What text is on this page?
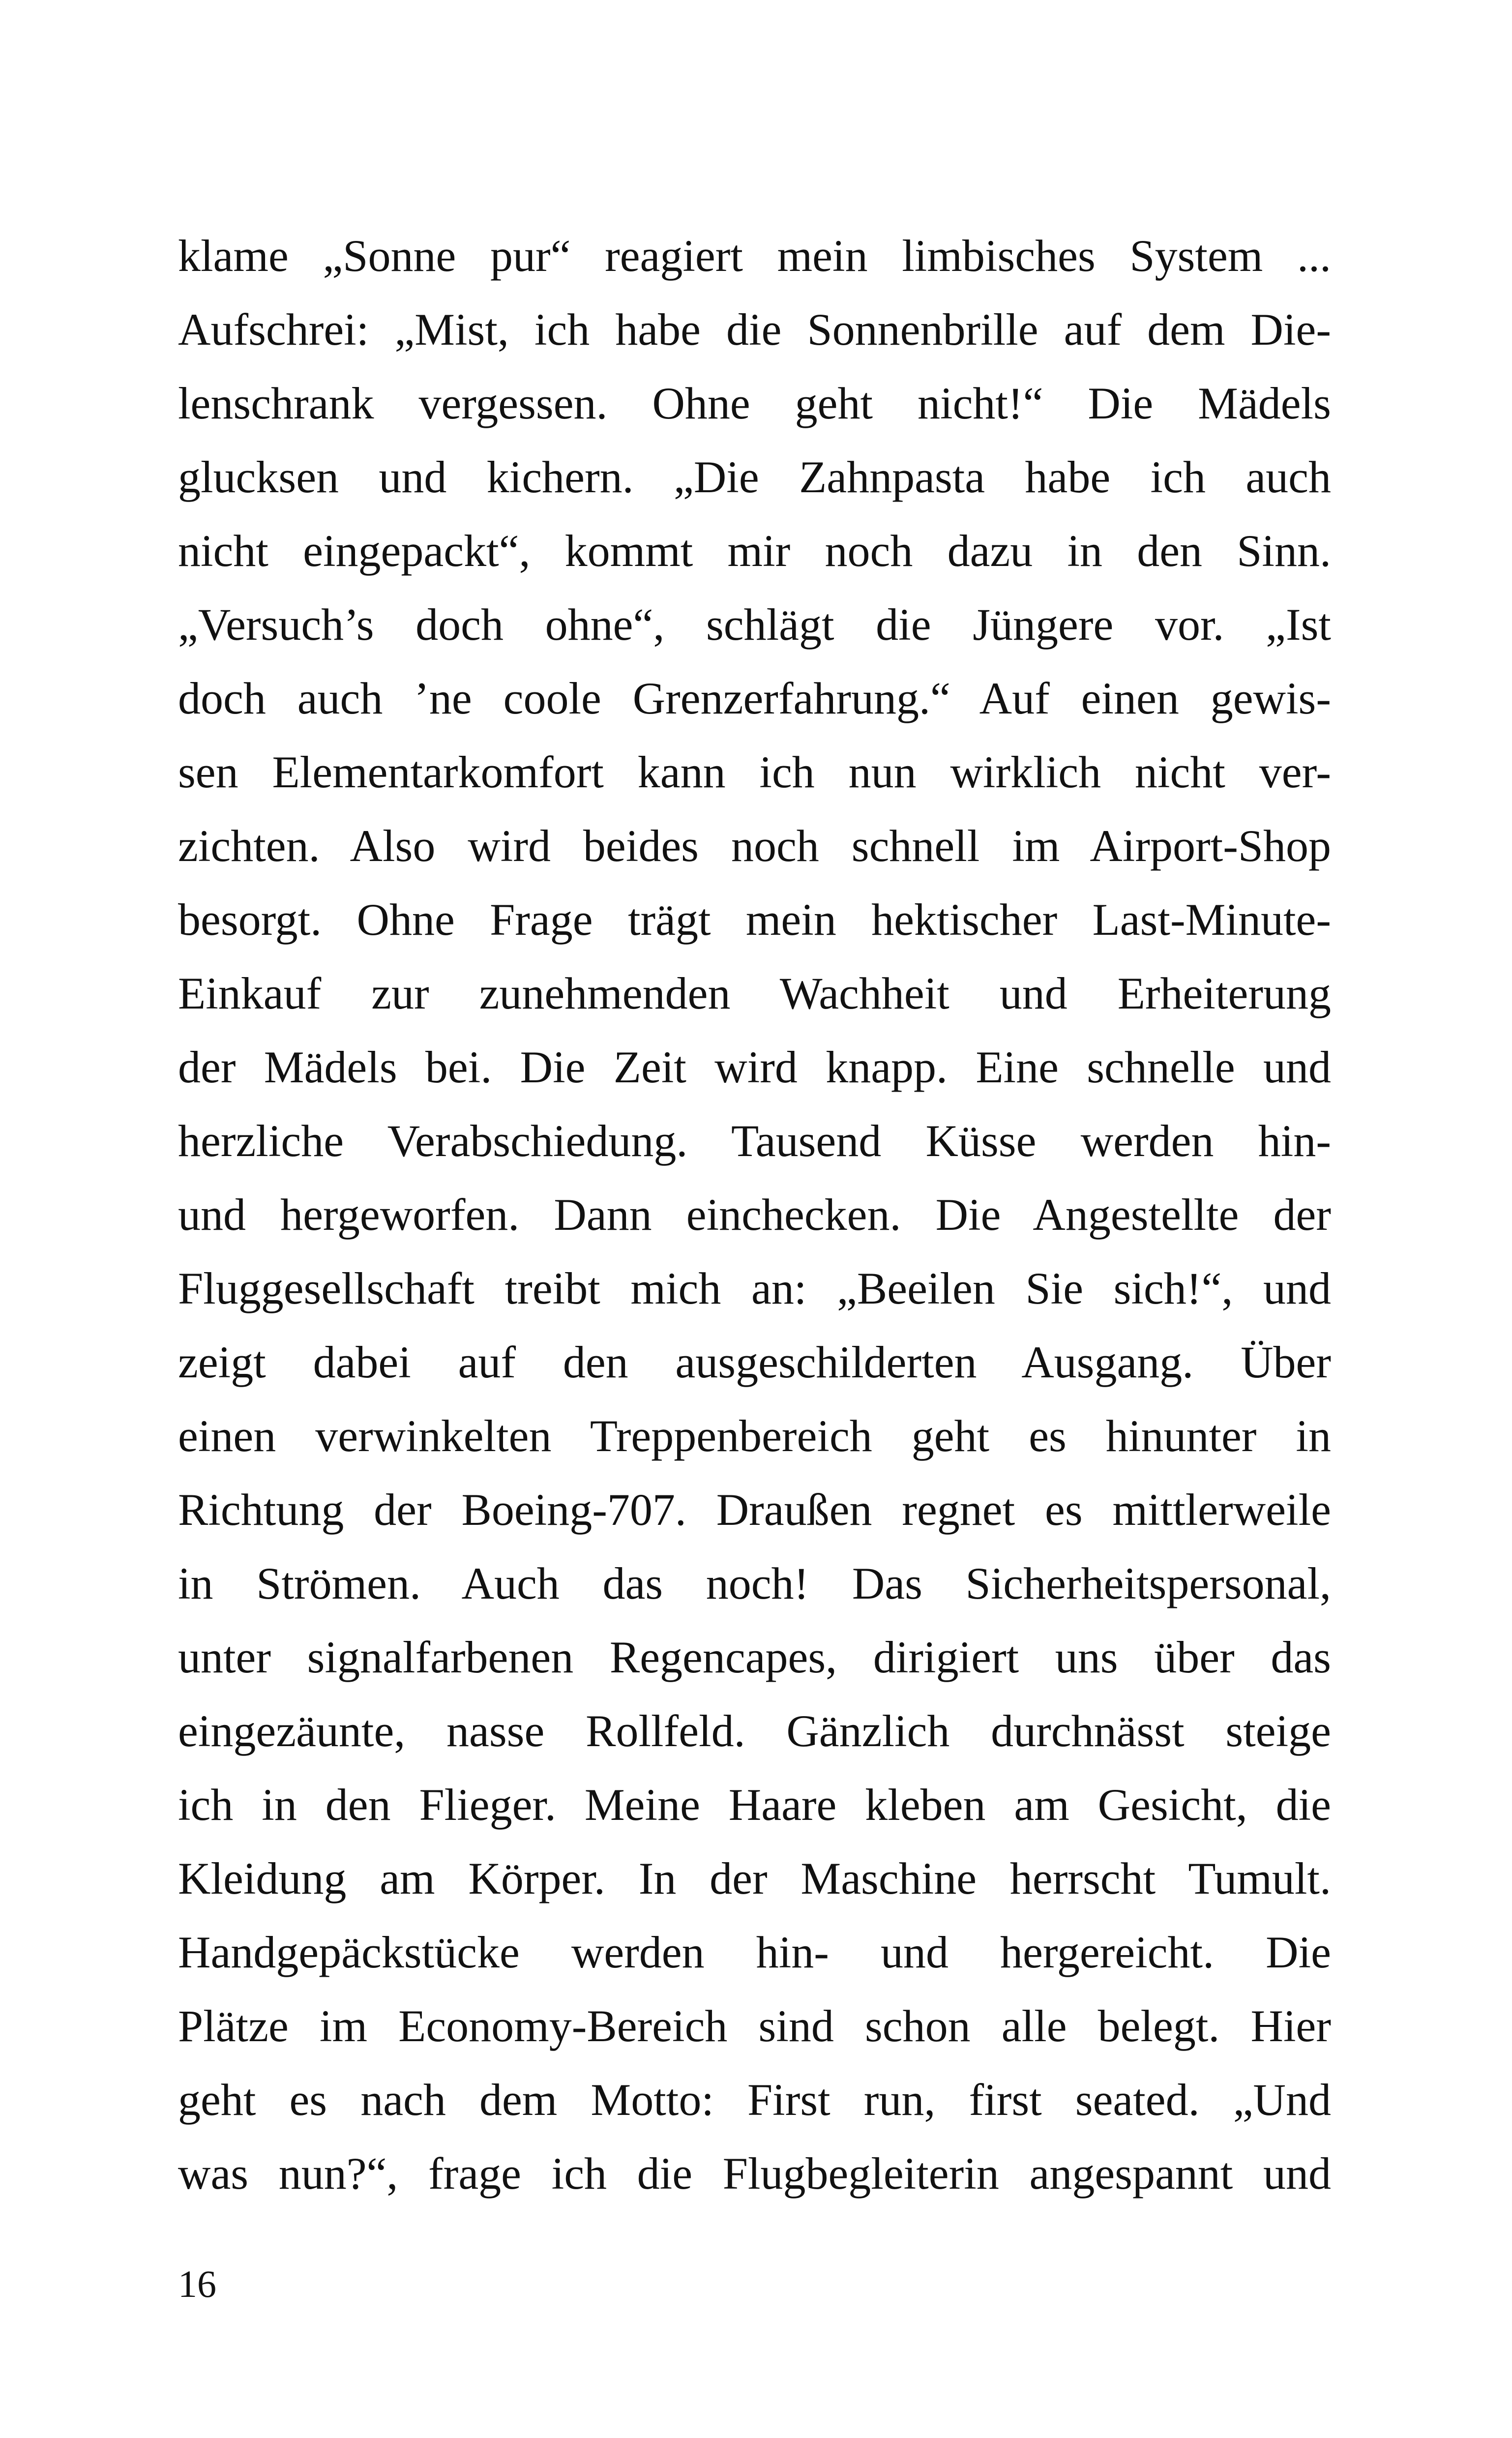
klame „Sonne pur“ reagiert mein limbisches System ...
Aufschrei: „Mist, ich habe die Sonnenbrille auf dem Die-
lenschrank vergessen. Ohne geht nicht!“ Die Mädels
glucksen und kichern. „Die Zahnpasta habe ich auch
nicht eingepackt“, kommt mir noch dazu in den Sinn.
„Versuch’s doch ohne“, schlägt die Jüngere vor. „Ist
doch auch ’ne coole Grenzerfahrung.“ Auf einen gewis-
sen Elementarkomfort kann ich nun wirklich nicht ver-
zichten. Also wird beides noch schnell im Airport-Shop
besorgt. Ohne Frage trägt mein hektischer Last-Minute-
Einkauf zur zunehmenden Wachheit und Erheiterung
der Mädels bei. Die Zeit wird knapp. Eine schnelle und
herzliche Verabschiedung. Tausend Küsse werden hin-
und hergeworfen. Dann einchecken. Die Angestellte der
Fluggesellschaft treibt mich an: „Beeilen Sie sich!“, und
zeigt dabei auf den ausgeschilderten Ausgang. Über
einen verwinkelten Treppenbereich geht es hinunter in
Richtung der Boeing-707. Draußen regnet es mittlerweile
in Strömen. Auch das noch! Das Sicherheitspersonal,
unter signalfarbenen Regencapes, dirigiert uns über das
eingezäunte, nasse Rollfeld. Gänzlich durchnässt steige
ich in den Flieger. Meine Haare kleben am Gesicht, die
Kleidung am Körper. In der Maschine herrscht Tumult.
Handgepäckstücke werden hin- und hergereicht. Die
Plätze im Economy-Bereich sind schon alle belegt. Hier
geht es nach dem Motto: First run, first seated. „Und
was nun?“, frage ich die Flugbegleiterin angespannt und
16
